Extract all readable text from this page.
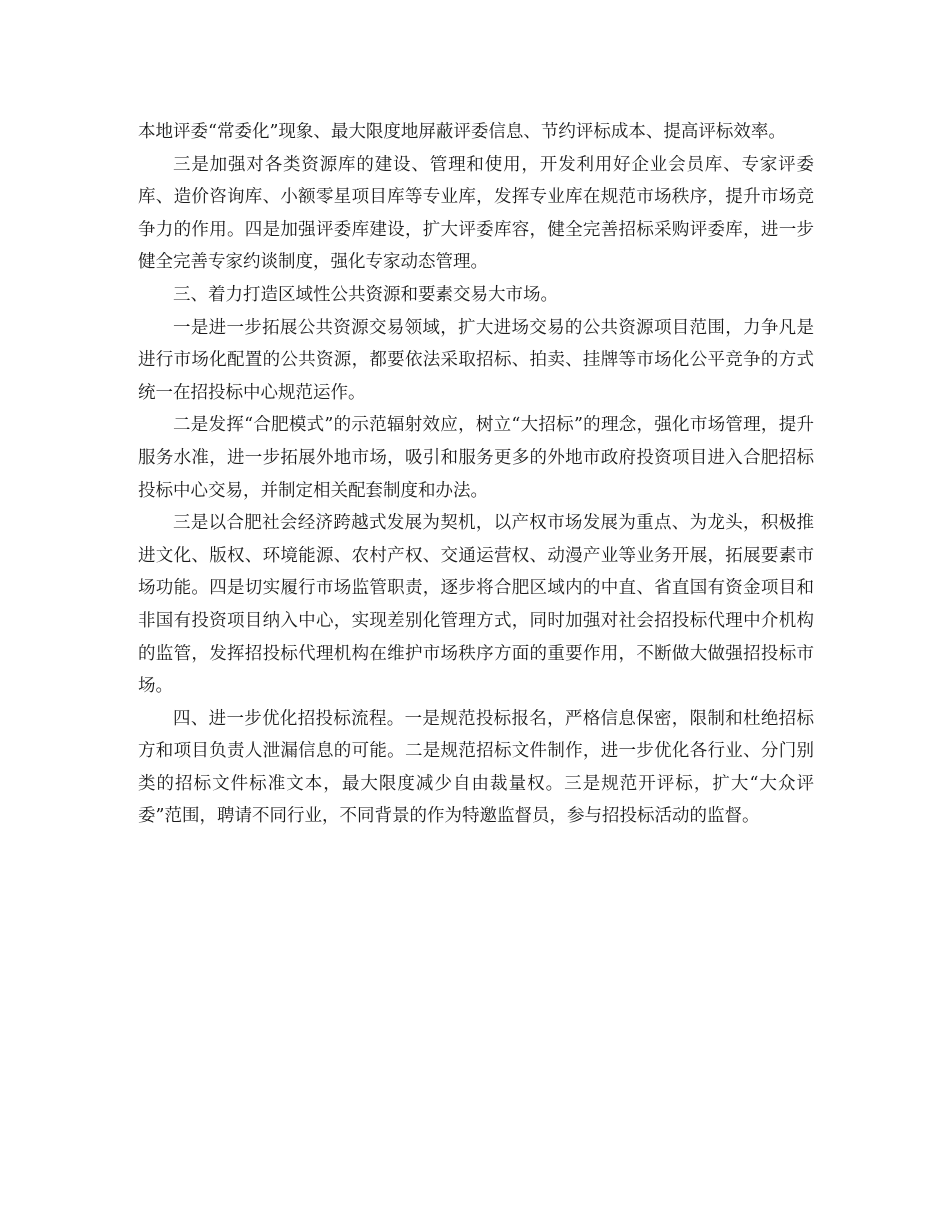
本地评委“常委化”现象、最大限度地屏蔽评委信息、节约评标成本、提高评标效率。

三是加强对各类资源库的建设、管理和使用，开发利用好企业会员库、专家评委库、造价咨询库、小额零星项目库等专业库，发挥专业库在规范市场秩序，提升市场竞争力的作用。四是加强评委库建设，扩大评委库容，健全完善招标采购评委库，进一步健全完善专家约谈制度，强化专家动态管理。

三、着力打造区域性公共资源和要素交易大市场。

一是进一步拓展公共资源交易领域，扩大进场交易的公共资源项目范围，力争凡是进行市场化配置的公共资源，都要依法采取招标、拍卖、挂牌等市场化公平竞争的方式统一在招投标中心规范运作。

二是发挥“合肥模式”的示范辐射效应，树立“大招标”的理念，强化市场管理，提升服务水准，进一步拓展外地市场，吸引和服务更多的外地市政府投资项目进入合肥招标投标中心交易，并制定相关配套制度和办法。

三是以合肥社会经济跨越式发展为契机，以产权市场发展为重点、为龙头，积极推进文化、版权、环境能源、农村产权、交通运营权、动漫产业等业务开展，拓展要素市场功能。四是切实履行市场监管职责，逐步将合肥区域内的中直、省直国有资金项目和非国有投资项目纳入中心，实现差别化管理方式，同时加强对社会招投标代理中介机构的监管，发挥招投标代理机构在维护市场秩序方面的重要作用，不断做大做强招投标市场。

四、进一步优化招投标流程。一是规范投标报名，严格信息保密，限制和杜绝招标方和项目负责人泄漏信息的可能。二是规范招标文件制作，进一步优化各行业、分门别类的招标文件标准文本，最大限度减少自由裁量权。三是规范开评标，扩大“大众评委”范围，聘请不同行业，不同背景的作为特邀监督员，参与招投标活动的监督。
